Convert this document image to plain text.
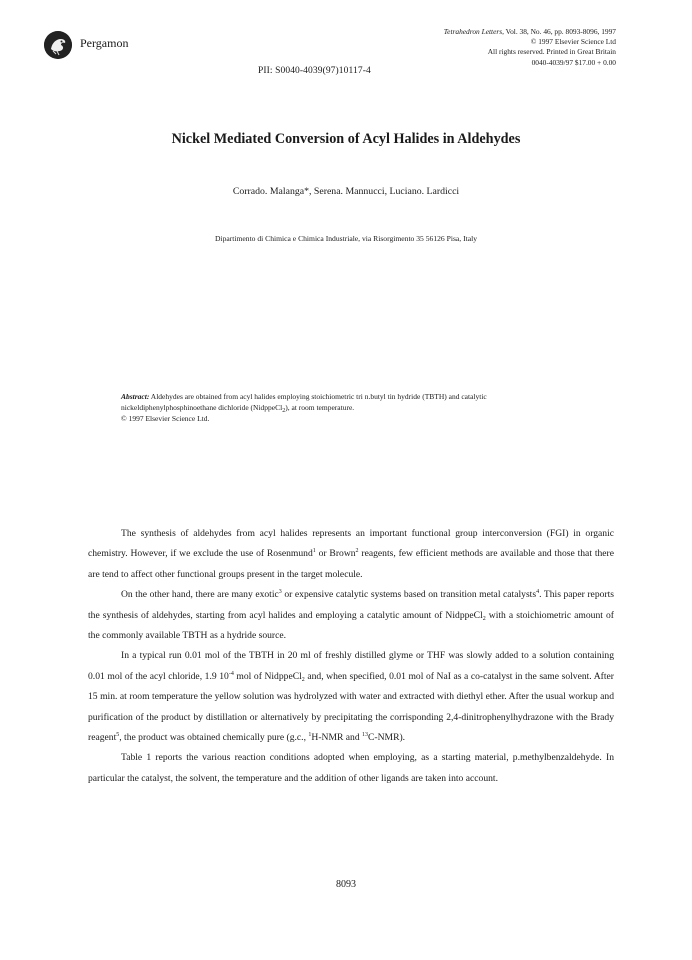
Pergamon
Tetrahedron Letters, Vol. 38, No. 46, pp. 8093-8096, 1997
© 1997 Elsevier Science Ltd
All rights reserved. Printed in Great Britain
0040-4039/97 $17.00 + 0.00
PII: S0040-4039(97)10117-4
Nickel Mediated Conversion of Acyl Halides in Aldehydes
Corrado. Malanga*, Serena. Mannucci, Luciano. Lardicci
Dipartimento di Chimica e Chimica Industriale, via Risorgimento 35 56126 Pisa, Italy
Abstract: Aldehydes are obtained from acyl halides employing stoichiometric tri n.butyl tin hydride (TBTH) and catalytic nickeldiphenylphosphinoethane dichloride (NidppeCl$_2$), at room temperature.
© 1997 Elsevier Science Ltd.

The synthesis of aldehydes from acyl halides represents an important functional group interconversion (FGI) in organic chemistry. However, if we exclude the use of Rosenmund$^1$ or Brown$^2$ reagents, few efficient methods are available and those that there are tend to affect other functional groups present in the target molecule.

On the other hand, there are many exotic$^3$ or expensive catalytic systems based on transition metal catalysts$^4$. This paper reports the synthesis of aldehydes, starting from acyl halides and employing a catalytic amount of NidppeCl$_2$ with a stoichiometric amount of the commonly available TBTH as a hydride source.

In a typical run 0.01 mol of the TBTH in 20 ml of freshly distilled glyme or THF was slowly added to a solution containing 0.01 mol of the acyl chloride, 1.9 $10^{-4}$ mol of NidppeCl$_2$ and, when specified, 0.01 mol of NaI as a co-catalyst in the same solvent. After 15 min. at room temperature the yellow solution was hydrolyzed with water and extracted with diethyl ether. After the usual workup and purification of the product by distillation or alternatively by precipitating the corrisponding 2,4-dinitrophenylhydrazone with the Brady reagent$^5$, the product was obtained chemically pure (g.c., $^1$H-NMR and $^{13}$C-NMR).

Table 1 reports the various reaction conditions adopted when employing, as a starting material, p.methylbenzaldehyde. In particular the catalyst, the solvent, the temperature and the addition of other ligands are taken into account.

8093
